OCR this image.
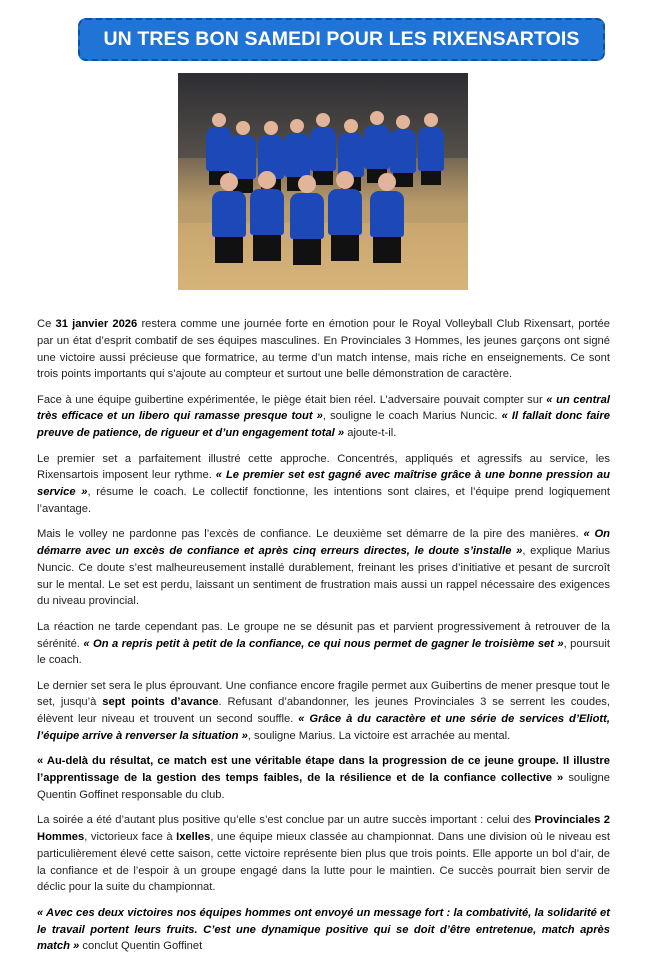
UN TRES BON SAMEDI POUR LES RIXENSARTOIS

Ce 31 janvier 2026 restera comme une journée forte en émotion pour le Royal Volleyball Club Rixensart, portée par un état d’esprit combatif de ses équipes masculines. En Provinciales 3 Hommes, les jeunes garçons ont signé une victoire aussi précieuse que formatrice, au terme d’un match intense, mais riche en enseignements. Ce sont trois points importants qui s’ajoute au compteur et surtout une belle démonstration de caractère.

Face à une équipe guibertine expérimentée, le piège était bien réel. L’adversaire pouvait compter sur « un central très efficace et un libero qui ramasse presque tout », souligne le coach Marius Nuncic. « Il fallait donc faire preuve de patience, de rigueur et d’un engagement total » ajoute-t-il.

Le premier set a parfaitement illustré cette approche. Concentrés, appliqués et agressifs au service, les Rixensartois imposent leur rythme. « Le premier set est gagné avec maîtrise grâce à une bonne pression au service », résume le coach. Le collectif fonctionne, les intentions sont claires, et l’équipe prend logiquement l’avantage.

Mais le volley ne pardonne pas l’excès de confiance. Le deuxième set démarre de la pire des manières. « On démarre avec un excès de confiance et après cinq erreurs directes, le doute s’installe », explique Marius Nuncic. Ce doute s’est malheureusement installé durablement, freinant les prises d’initiative et pesant de surcroît sur le mental. Le set est perdu, laissant un sentiment de frustration mais aussi un rappel nécessaire des exigences du niveau provincial.

La réaction ne tarde cependant pas. Le groupe ne se désunit pas et parvient progressivement à retrouver de la sérénité. « On a repris petit à petit de la confiance, ce qui nous permet de gagner le troisième set », poursuit le coach.

Le dernier set sera le plus éprouvant. Une confiance encore fragile permet aux Guibertins de mener presque tout le set, jusqu’à sept points d’avance. Refusant d’abandonner, les jeunes Provinciales 3 se serrent les coudes, élèvent leur niveau et trouvent un second souffle. « Grâce à du caractère et une série de services d’Eliott, l’équipe arrive à renverser la situation », souligne Marius. La victoire est arrachée au mental.

« Au-delà du résultat, ce match est une véritable étape dans la progression de ce jeune groupe. Il illustre l’apprentissage de la gestion des temps faibles, de la résilience et de la confiance collective » souligne Quentin Goffinet responsable du club.

La soirée a été d’autant plus positive qu’elle s’est conclue par un autre succès important : celui des Provinciales 2 Hommes, victorieux face à Ixelles, une équipe mieux classée au championnat. Dans une division où le niveau est particulièrement élevé cette saison, cette victoire représente bien plus que trois points. Elle apporte un bol d’air, de la confiance et de l’espoir à un groupe engagé dans la lutte pour le maintien. Ce succès pourrait bien servir de déclic pour la suite du championnat.

« Avec ces deux victoires nos équipes hommes ont envoyé un message fort : la combativité, la solidarité et le travail portent leurs fruits. C’est une dynamique positive qui se doit d’être entretenue, match après match » conclut Quentin Goffinet
